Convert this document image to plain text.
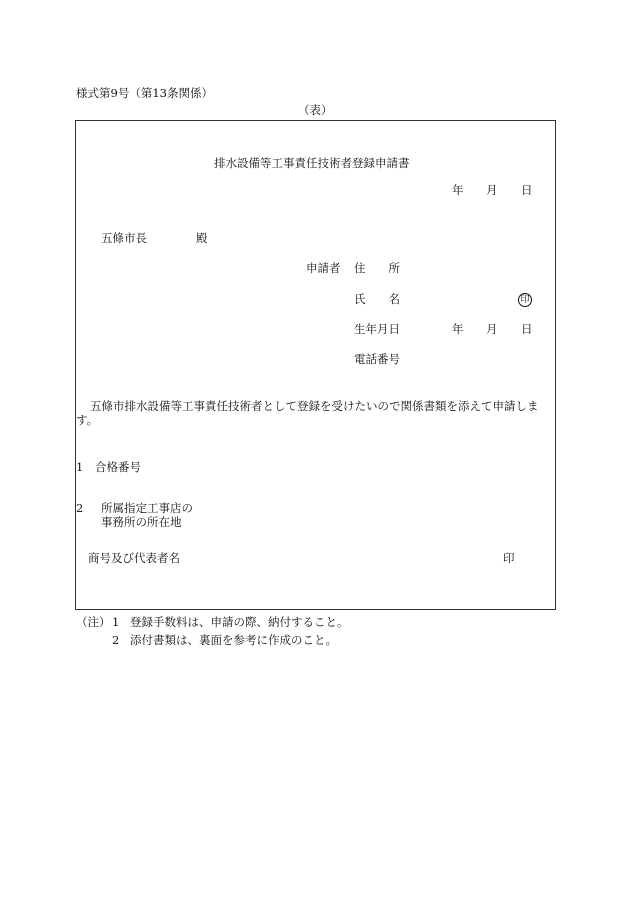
様式第9号（第13条関係）
（表）
排水設備等工事責任技術者登録申請書
年 月 日
五條市長	殿
申請者 住　　所
氏　　名	印
生年月日	年 月 日
電話番号
五條市排水設備等工事責任技術者として登録を受けたいので関係書類を添えて申請しま
す。
1 合格番号
2 所属指定工事店の
事務所の所在地
商号及び代表者名	印
（注） 1 登録手数料は、申請の際、納付すること。
2 添付書類は、裏面を参考に作成のこと。
